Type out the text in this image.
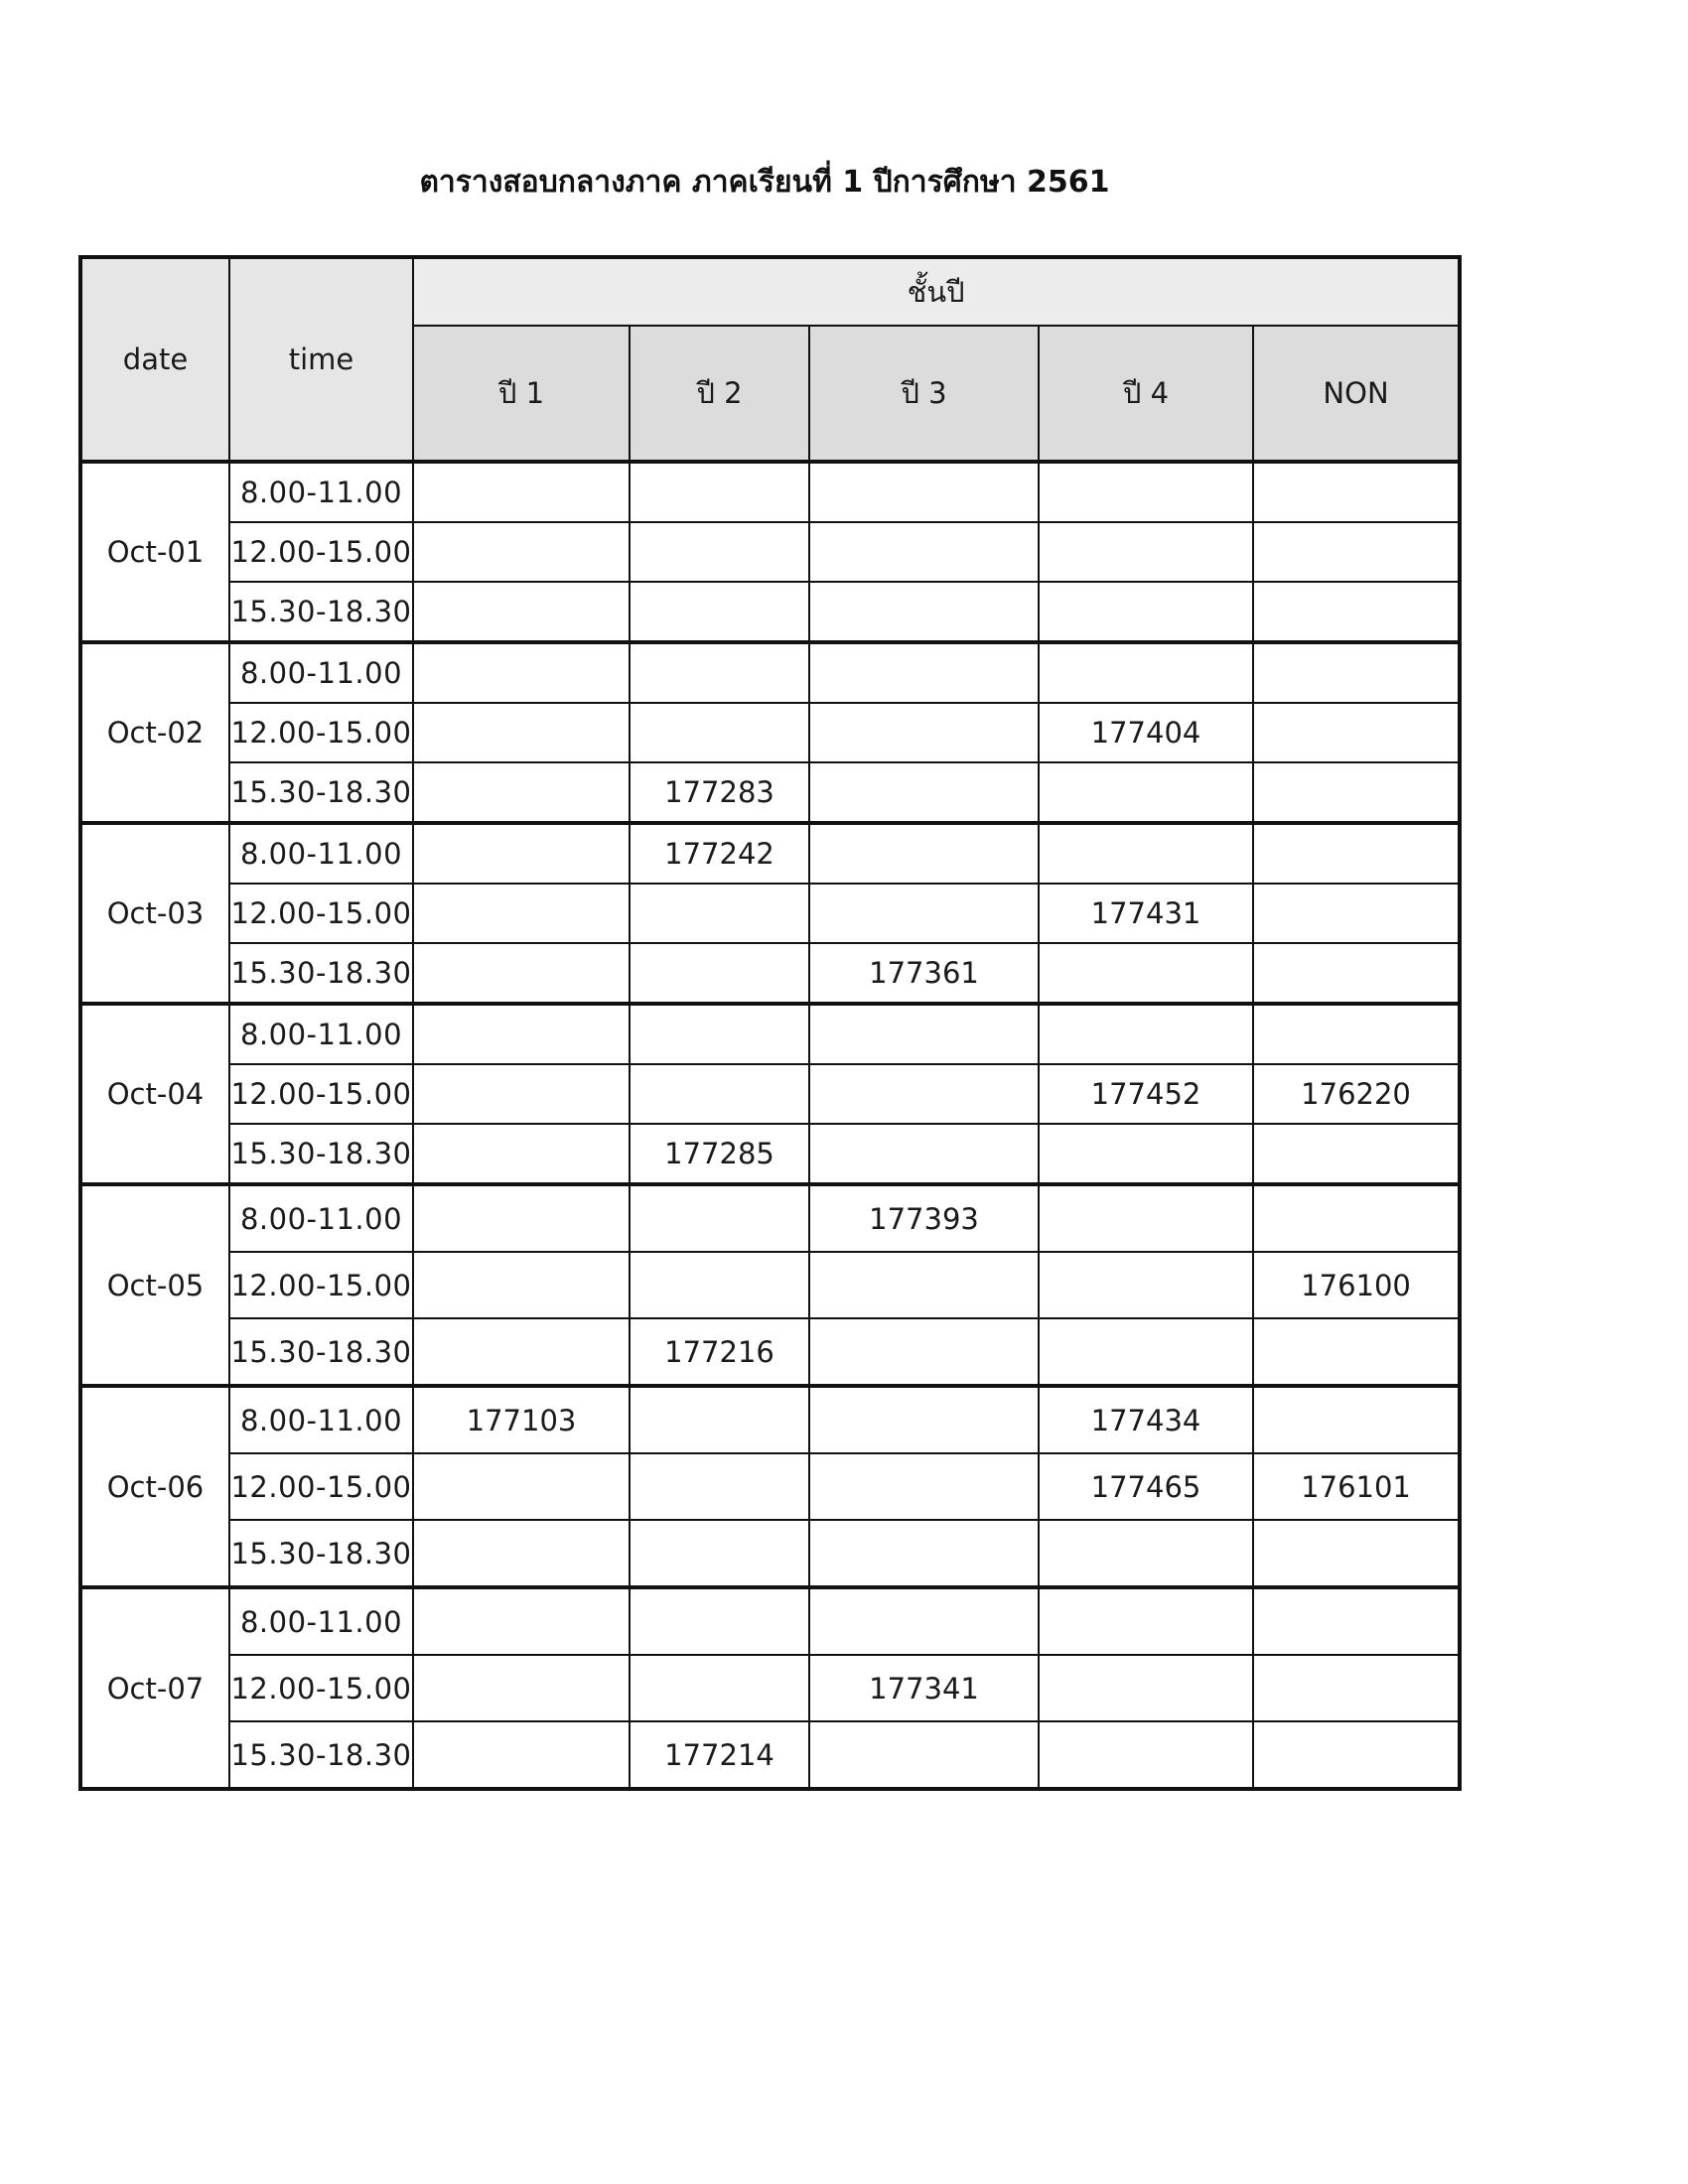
ตารางสอบกลางภาค ภาคเรียนที่ 1 ปีการศึกษา 2561
date	time	ชั้นปี				
		ปี 1	ปี 2	ปี 3	ปี 4	NON
Oct-01	8.00-11.00					
	12.00-15.00					
	15.30-18.30					
Oct-02	8.00-11.00					
	12.00-15.00				177404	
	15.30-18.30		177283			
Oct-03	8.00-11.00		177242			
	12.00-15.00				177431	
	15.30-18.30			177361		
Oct-04	8.00-11.00					
	12.00-15.00				177452	176220
	15.30-18.30		177285			
Oct-05	8.00-11.00			177393		
	12.00-15.00					176100
	15.30-18.30		177216			
Oct-06	8.00-11.00	177103			177434	
	12.00-15.00				177465	176101
	15.30-18.30					
Oct-07	8.00-11.00					
	12.00-15.00			177341		
	15.30-18.30		177214			
